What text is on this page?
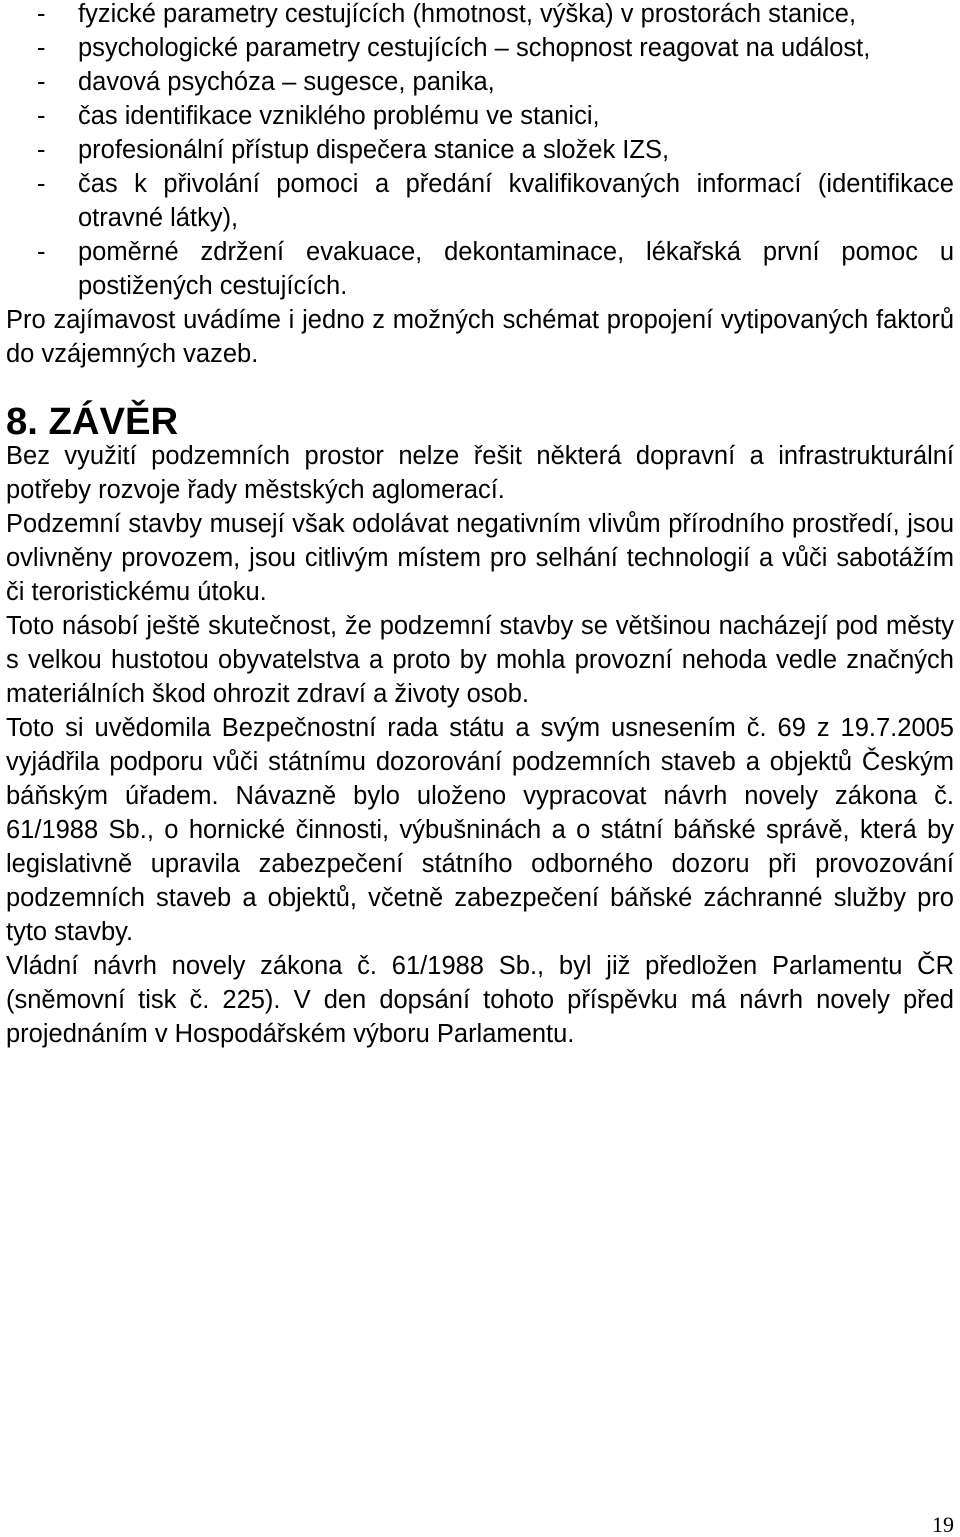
- fyzické parametry cestujících (hmotnost, výška) v prostorách stanice,
- psychologické parametry cestujících – schopnost reagovat na událost,
- davová psychóza – sugesce, panika,
- čas identifikace vzniklého problému ve stanici,
- profesionální přístup dispečera stanice a složek IZS,
- čas k přivolání pomoci a předání kvalifikovaných informací (identifikace otravné látky),
- poměrné zdržení evakuace, dekontaminace, lékařská první pomoc u postižených cestujících.

Pro zajímavost uvádíme i jedno z možných schémat propojení vytipovaných faktorů do vzájemných vazeb.

8. ZÁVĚR

Bez využití podzemních prostor nelze řešit některá dopravní a infrastrukturální potřeby rozvoje řady městských aglomerací.

Podzemní stavby musejí však odolávat negativním vlivům přírodního prostředí, jsou ovlivněny provozem, jsou citlivým místem pro selhání technologií a vůči sabotážím či teroristickému útoku.

Toto násobí ještě skutečnost, že podzemní stavby se většinou nacházejí pod městy s velkou hustotou obyvatelstva a proto by mohla provozní nehoda vedle značných materiálních škod ohrozit zdraví a životy osob.

Toto si uvědomila Bezpečnostní rada státu a svým usnesením č. 69 z 19.7.2005 vyjádřila podporu vůči státnímu dozorování podzemních staveb a objektů Českým báňským úřadem. Návazně bylo uloženo vypracovat návrh novely zákona č. 61/1988 Sb., o hornické činnosti, výbušninách a o státní báňské správě, která by legislativně upravila zabezpečení státního odborného dozoru při provozování podzemních staveb a objektů, včetně zabezpečení báňské záchranné služby pro tyto stavby.

Vládní návrh novely zákona č. 61/1988 Sb., byl již předložen Parlamentu ČR (sněmovní tisk č. 225). V den dopsání tohoto příspěvku má návrh novely před projednáním v Hospodářském výboru Parlamentu.

19
